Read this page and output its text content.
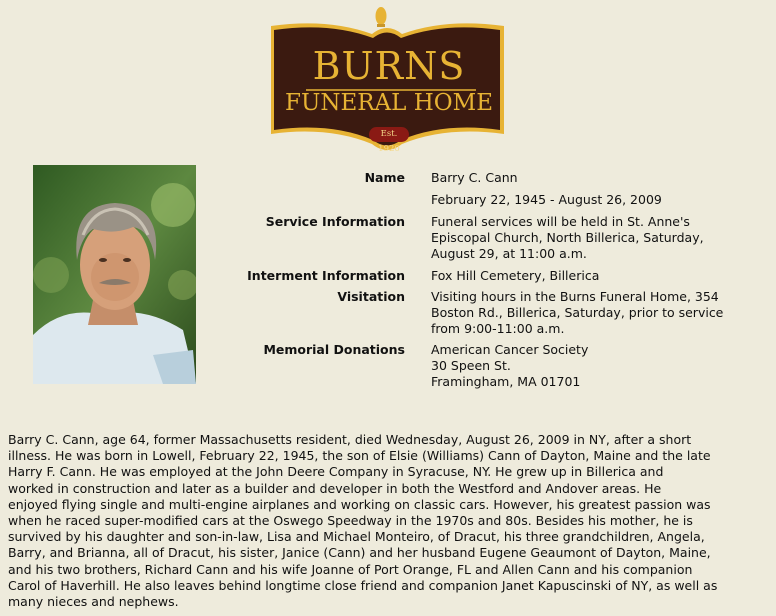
BURNS
FUNERAL HOME
Est. 1920
Name Barry C. Cann
February 22, 1945 - August 26, 2009
Service Information Funeral services will be held in St. Anne's
Episcopal Church, North Billerica, Saturday,
August 29, at 11:00 a.m.
Interment Information Fox Hill Cemetery, Billerica
Visitation Visiting hours in the Burns Funeral Home, 354
Boston Rd., Billerica, Saturday, prior to service
from 9:00-11:00 a.m.
Memorial Donations American Cancer Society
30 Speen St.
Framingham, MA 01701
Barry C. Cann, age 64, former Massachusetts resident, died Wednesday, August 26, 2009 in NY, after a short
illness. He was born in Lowell, February 22, 1945, the son of Elsie (Williams) Cann of Dayton, Maine and the late
Harry F. Cann. He was employed at the John Deere Company in Syracuse, NY. He grew up in Billerica and
worked in construction and later as a builder and developer in both the Westford and Andover areas. He
enjoyed flying single and multi-engine airplanes and working on classic cars. However, his greatest passion was
when he raced super-modified cars at the Oswego Speedway in the 1970s and 80s. Besides his mother, he is
survived by his daughter and son-in-law, Lisa and Michael Monteiro, of Dracut, his three grandchildren, Angela,
Barry, and Brianna, all of Dracut, his sister, Janice (Cann) and her husband Eugene Geaumont of Dayton, Maine,
and his two brothers, Richard Cann and his wife Joanne of Port Orange, FL and Allen Cann and his companion
Carol of Haverhill. He also leaves behind longtime close friend and companion Janet Kapuscinski of NY, as well as
many nieces and nephews.
